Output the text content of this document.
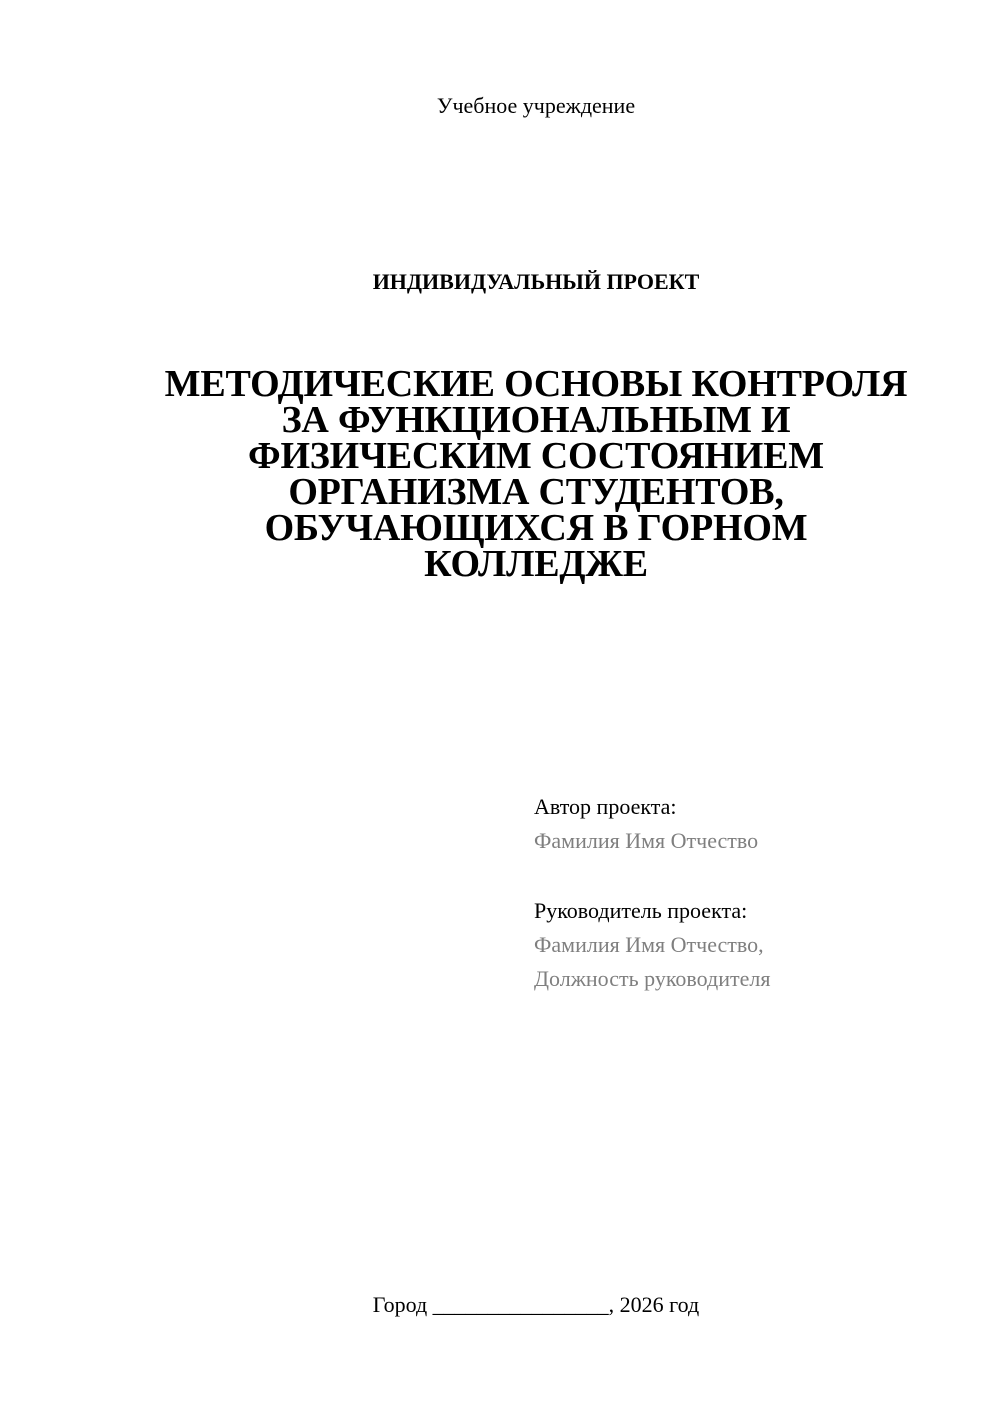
Учебное учреждение
ИНДИВИДУАЛЬНЫЙ ПРОЕКТ
МЕТОДИЧЕСКИЕ ОСНОВЫ КОНТРОЛЯ
ЗА ФУНКЦИОНАЛЬНЫМ И
ФИЗИЧЕСКИМ СОСТОЯНИЕМ
ОРГАНИЗМА СТУДЕНТОВ,
ОБУЧАЮЩИХСЯ В ГОРНОМ
КОЛЛЕДЖЕ
Автор проекта:
Фамилия Имя Отчество
Руководитель проекта:
Фамилия Имя Отчество,
Должность руководителя
Город ________________, 2026 год
